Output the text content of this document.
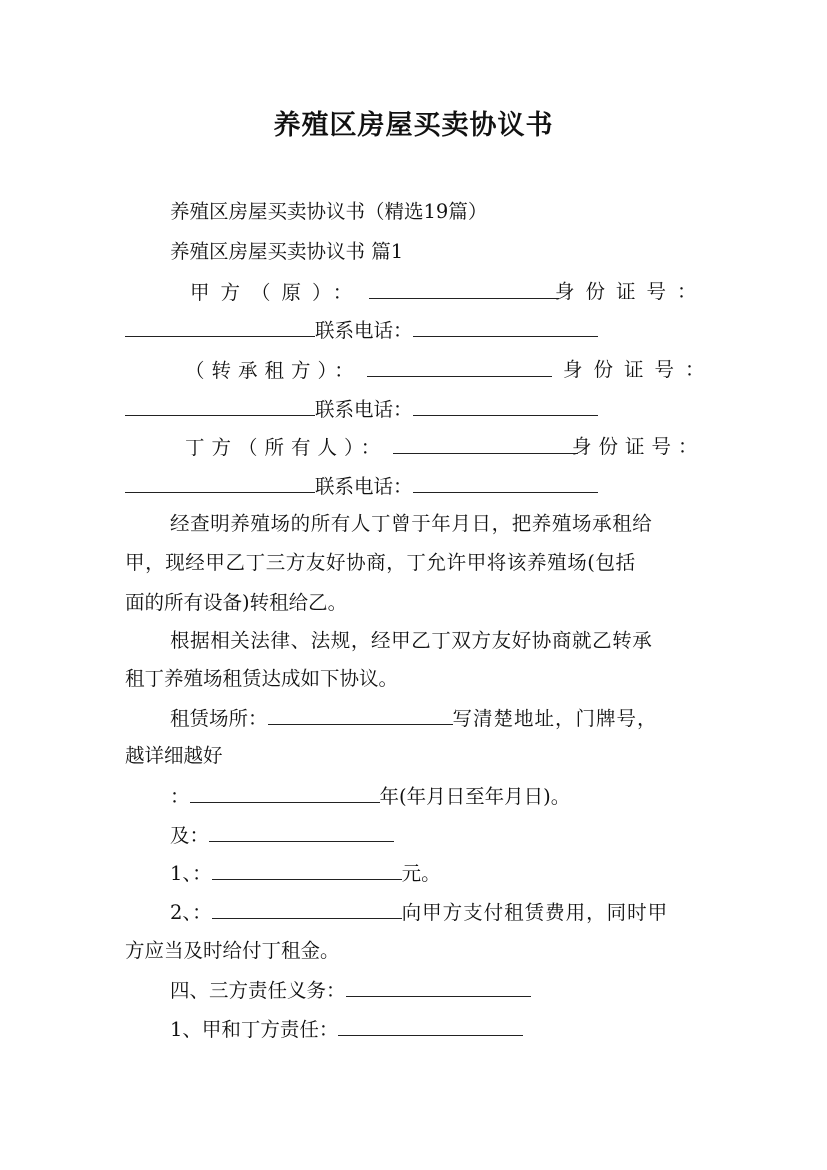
养殖区房屋买卖协议书
养殖区房屋买卖协议书（精选19篇）
养殖区房屋买卖协议书 篇1
甲方（原）：	身份证号：
联系电话：
（转承租方）：	身份证号：
联系电话：
丁方（所有人）：	身份证号：
联系电话：
经查明养殖场的所有人丁曾于年月日，把养殖场承租给
甲，现经甲乙丁三方友好协商，丁允许甲将该养殖场(包括
面的所有设备)转租给乙。
根据相关法律、法规，经甲乙丁双方友好协商就乙转承
租丁养殖场租赁达成如下协议。
租赁场所：	写清楚地址，门牌号，
越详细越好
：	年(年月日至年月日)。
及：
1、：	元。
2、：	向甲方支付租赁费用，同时甲
方应当及时给付丁租金。
四、三方责任义务：
1、甲和丁方责任：
